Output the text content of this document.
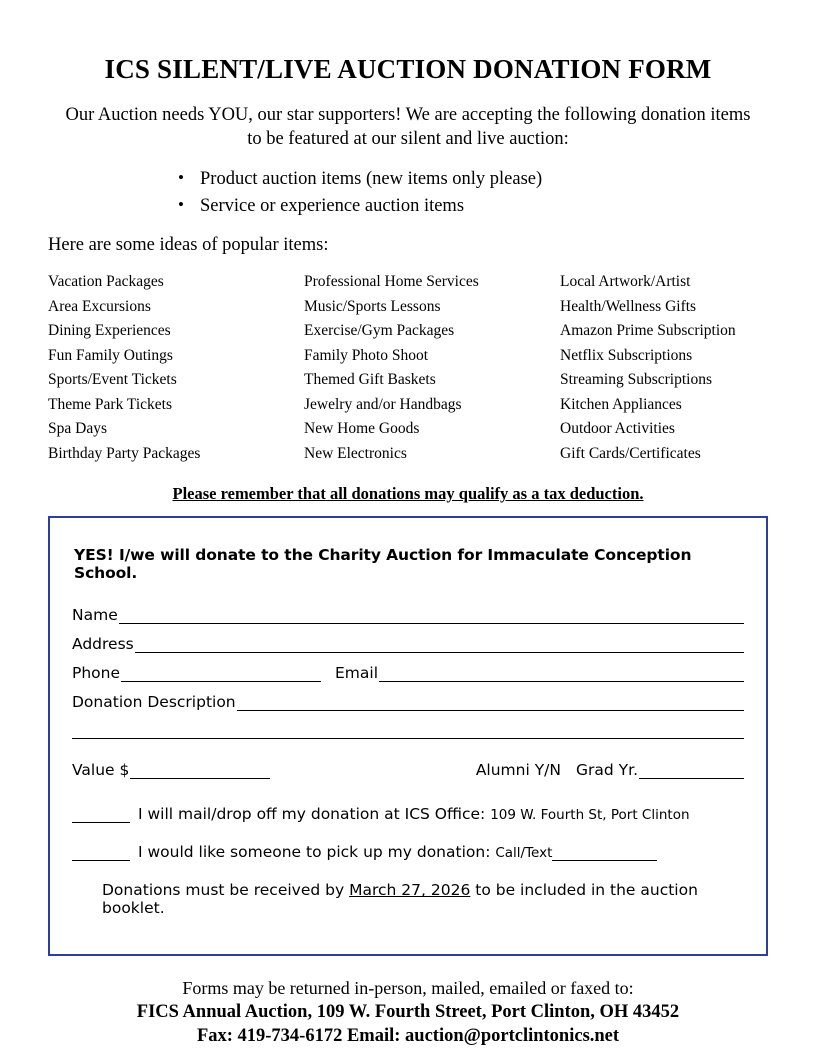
ICS SILENT/LIVE AUCTION DONATION FORM
Our Auction needs YOU, our star supporters! We are accepting the following donation items to be featured at our silent and live auction:
• Product auction items (new items only please)
• Service or experience auction items
Here are some ideas of popular items:
Vacation Packages
Area Excursions
Dining Experiences
Fun Family Outings
Sports/Event Tickets
Theme Park Tickets
Spa Days
Birthday Party Packages
Professional Home Services
Music/Sports Lessons
Exercise/Gym Packages
Family Photo Shoot
Themed Gift Baskets
Jewelry and/or Handbags
New Home Goods
New Electronics
Local Artwork/Artist
Health/Wellness Gifts
Amazon Prime Subscription
Netflix Subscriptions
Streaming Subscriptions
Kitchen Appliances
Outdoor Activities
Gift Cards/Certificates
Please remember that all donations may qualify as a tax deduction.
YES! I/we will donate to the Charity Auction for Immaculate Conception School.
Name
Address
Phone	Email
Donation Description
Value $	Alumni Y/N Grad Yr.
I will mail/drop off my donation at ICS Office:
109 W. Fourth St, Port Clinton
I would like someone to pick up my donation:
Call/Text
Donations must be received by March 27, 2026 to be included in the auction booklet.
Forms may be returned in-person, mailed, emailed or faxed to:
FICS Annual Auction, 109 W. Fourth Street, Port Clinton, OH 43452
Fax: 419-734-6172 Email: auction@portclintonics.net
